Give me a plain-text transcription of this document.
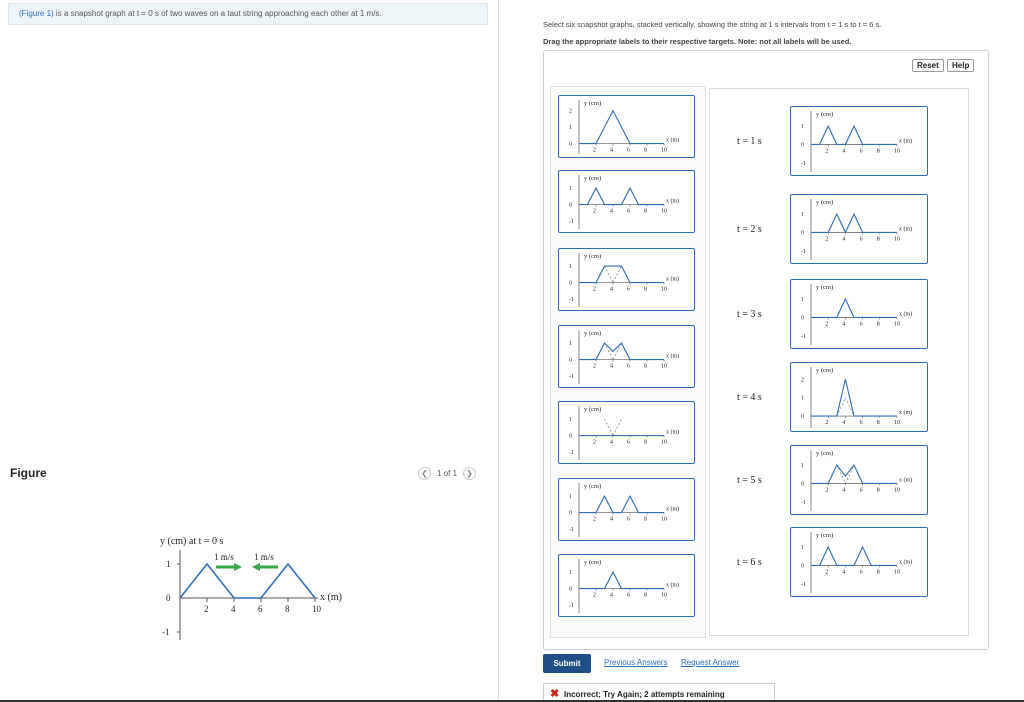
(Figure 1) is a snapshot graph at t = 0 s of two waves on a taut string approaching each other at 1 m/s.
Figure	❮ 1 of 1 ❯
y (cm) at t = 0 s
1
0
-1
2	4	6	8	10
1 m/s 1 m/s
x (m)
Select six snapshot graphs, stacked vertically, showing the string at 1 s intervals from t = 1 s to t = 6 s.
Drag the appropriate labels to their respective targets. Note: not all labels will be used.
Reset	Help
y (cm)
x (m)
2
1
0
2 4 6 8 10
y (cm)
x (m)
1
0
-1
2 4 6 8 10
y (cm)
x (m)
1
0
-1
2 4 6 8 10
y (cm)
x (m)
1
0
-1
2 4 6 8 10
y (cm)
x (m)
1
0
-1
2 4 6 8 10
y (cm)
x (m)
1
0
-1
2 4 6 8 10
y (cm)
x (m)
1
0
-1
2 4 6 8 10
t = 1 s
y (cm)
x (m)
1
0
-1
2 4 6 8 10
t = 2 s
y (cm)
x (m)
1
0
-1
2 4 6 8 10
t = 3 s
y (cm)
x (m)
1
0
-1
2 4 6 8 10
t = 4 s
y (cm)
x (m)
2
1
0
2 4 6 8 10
t = 5 s
y (cm)
x (m)
1
0
-1
2 4 6 8 10
t = 6 s
y (cm)
x (m)
1
0
-1
2 4 6 8 10
Submit	Previous Answers Request Answer
✖ Incorrect; Try Again; 2 attempts remaining
